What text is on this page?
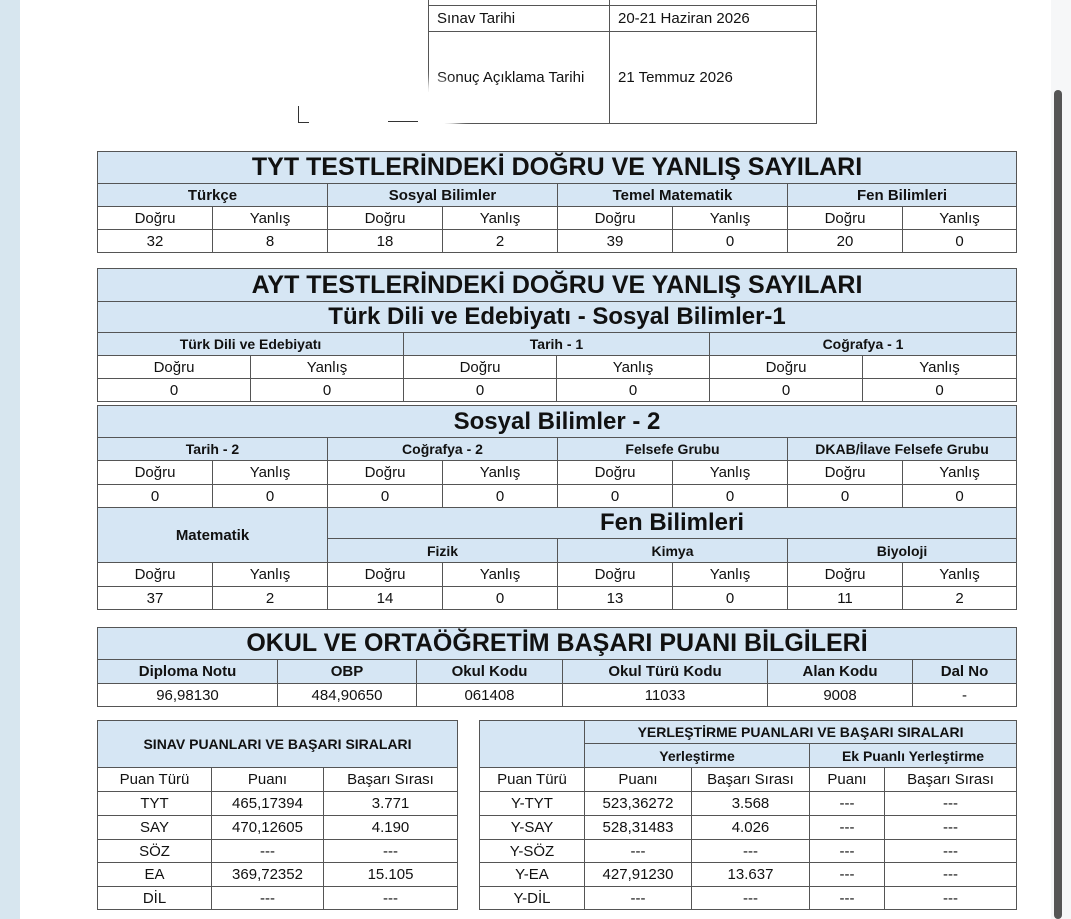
Sınav Tarihi	20-21 Haziran 2026
Sonuç Açıklama Tarihi	21 Temmuz 2026
TYT TESTLERİNDEKİ DOĞRU VE YANLIŞ SAYILARI							
Türkçe		Sosyal Bilimler		Temel Matematik		Fen Bilimleri	
Doğru	Yanlış	Doğru	Yanlış	Doğru	Yanlış	Doğru	Yanlış
32	8	18	2	39	0	20	0
AYT TESTLERİNDEKİ DOĞRU VE YANLIŞ SAYILARI					
Türk Dili ve Edebiyatı - Sosyal Bilimler-1					
Türk Dili ve Edebiyatı		Tarih - 1		Coğrafya - 1	
Doğru	Yanlış	Doğru	Yanlış	Doğru	Yanlış
0	0	0	0	0	0
Sosyal Bilimler - 2							
Tarih - 2		Coğrafya - 2		Felsefe Grubu		DKAB/İlave Felsefe Grubu	
Doğru	Yanlış	Doğru	Yanlış	Doğru	Yanlış	Doğru	Yanlış
0	0	0	0	0	0	0	0
Matematik		Fen Bilimleri					
		Fizik		Kimya		Biyoloji	
Doğru	Yanlış	Doğru	Yanlış	Doğru	Yanlış	Doğru	Yanlış
37	2	14	0	13	0	11	2
OKUL VE ORTAÖĞRETİM BAŞARI PUANI BİLGİLERİ					
Diploma Notu	OBP	Okul Kodu	Okul Türü Kodu	Alan Kodu	Dal No
96,98130	484,90650	061408	11033	9008	-
SINAV PUANLARI VE BAŞARI SIRALARI		
Puan Türü	Puanı	Başarı Sırası
TYT	465,17394	3.771
SAY	470,12605	4.190
SÖZ	---	---
EA	369,72352	15.105
DİL	---	---
	YERLEŞTİRME PUANLARI VE BAŞARI SIRALARI			
	Yerleştirme		Ek Puanlı Yerleştirme	
Puan Türü	Puanı	Başarı Sırası	Puanı	Başarı Sırası
Y-TYT	523,36272	3.568	---	---
Y-SAY	528,31483	4.026	---	---
Y-SÖZ	---	---	---	---
Y-EA	427,91230	13.637	---	---
Y-DİL	---	---	---	---
